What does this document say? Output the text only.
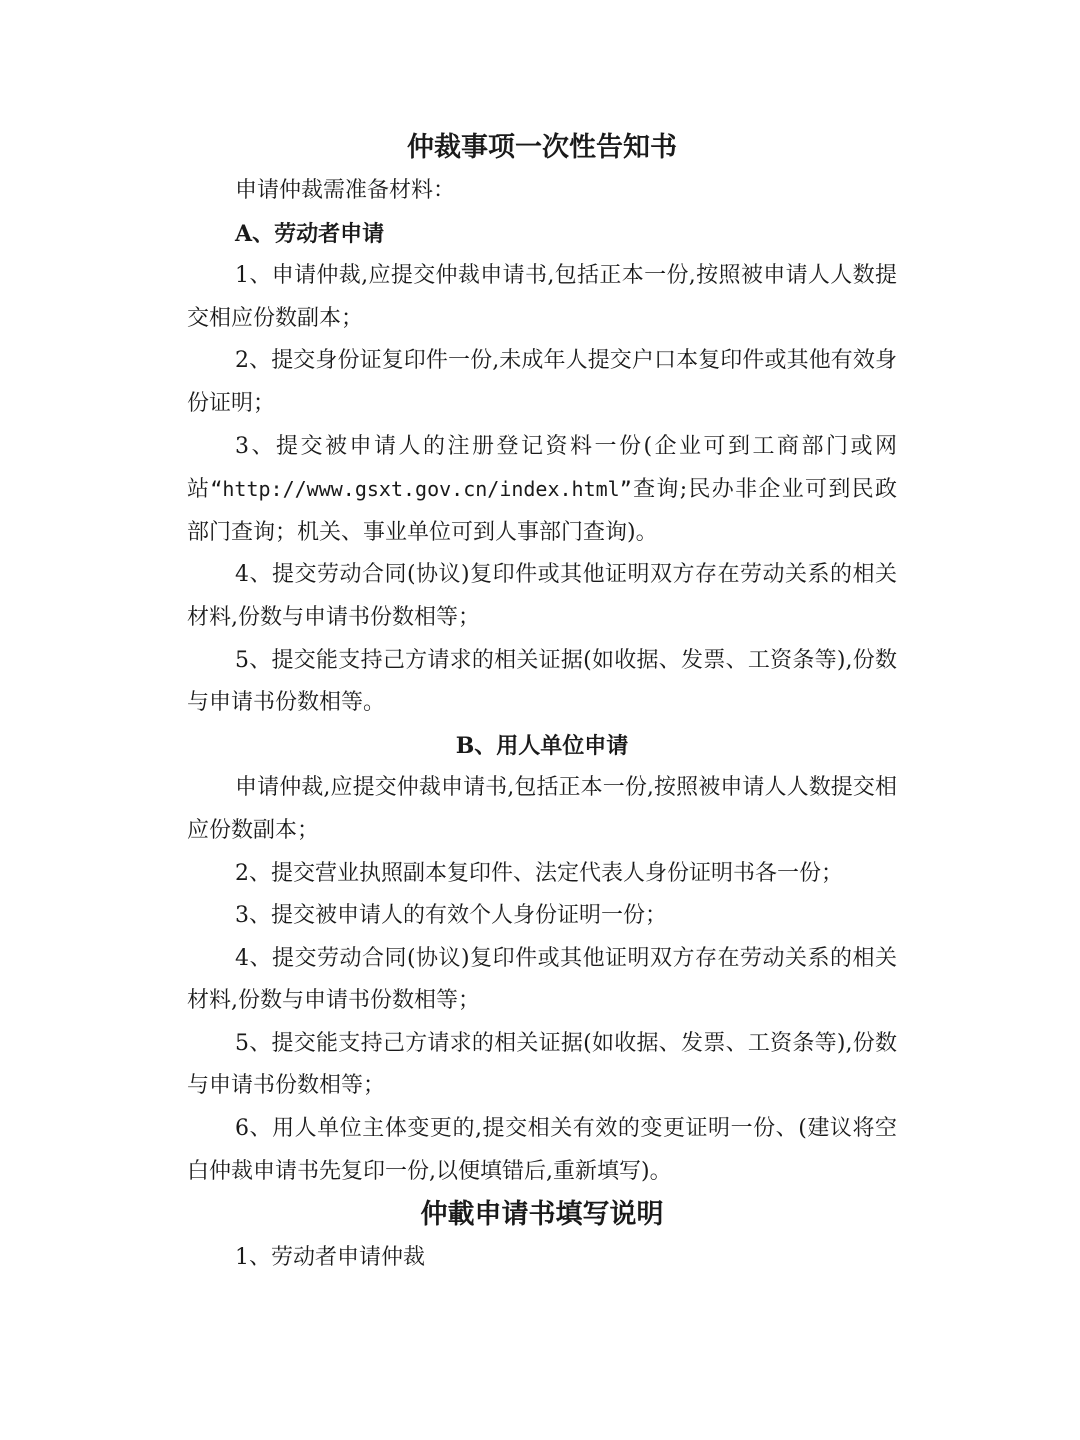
仲裁事项一次性告知书

申请仲裁需准备材料：

A、劳动者申请

1、申请仲裁,应提交仲裁申请书,包括正本一份,按照被申请人人数提交相应份数副本；

2、提交身份证复印件一份,未成年人提交户口本复印件或其他有效身份证明；

3、提交被申请人的注册登记资料一份(企业可到工商部门或网站“http://www.gsxt.gov.cn/index.html”查询;民办非企业可到民政部门查询；机关、事业单位可到人事部门查询)。

4、提交劳动合同(协议)复印件或其他证明双方存在劳动关系的相关材料,份数与申请书份数相等；

5、提交能支持己方请求的相关证据(如收据、发票、工资条等),份数与申请书份数相等。

B、用人单位申请

申请仲裁,应提交仲裁申请书,包括正本一份,按照被申请人人数提交相应份数副本；

2、提交营业执照副本复印件、法定代表人身份证明书各一份；

3、提交被申请人的有效个人身份证明一份；

4、提交劳动合同(协议)复印件或其他证明双方存在劳动关系的相关材料,份数与申请书份数相等；

5、提交能支持己方请求的相关证据(如收据、发票、工资条等),份数与申请书份数相等；

6、用人单位主体变更的,提交相关有效的变更证明一份、(建议将空白仲裁申请书先复印一份,以便填错后,重新填写)。

仲載申请书填写说明

1、劳动者申请仲裁
